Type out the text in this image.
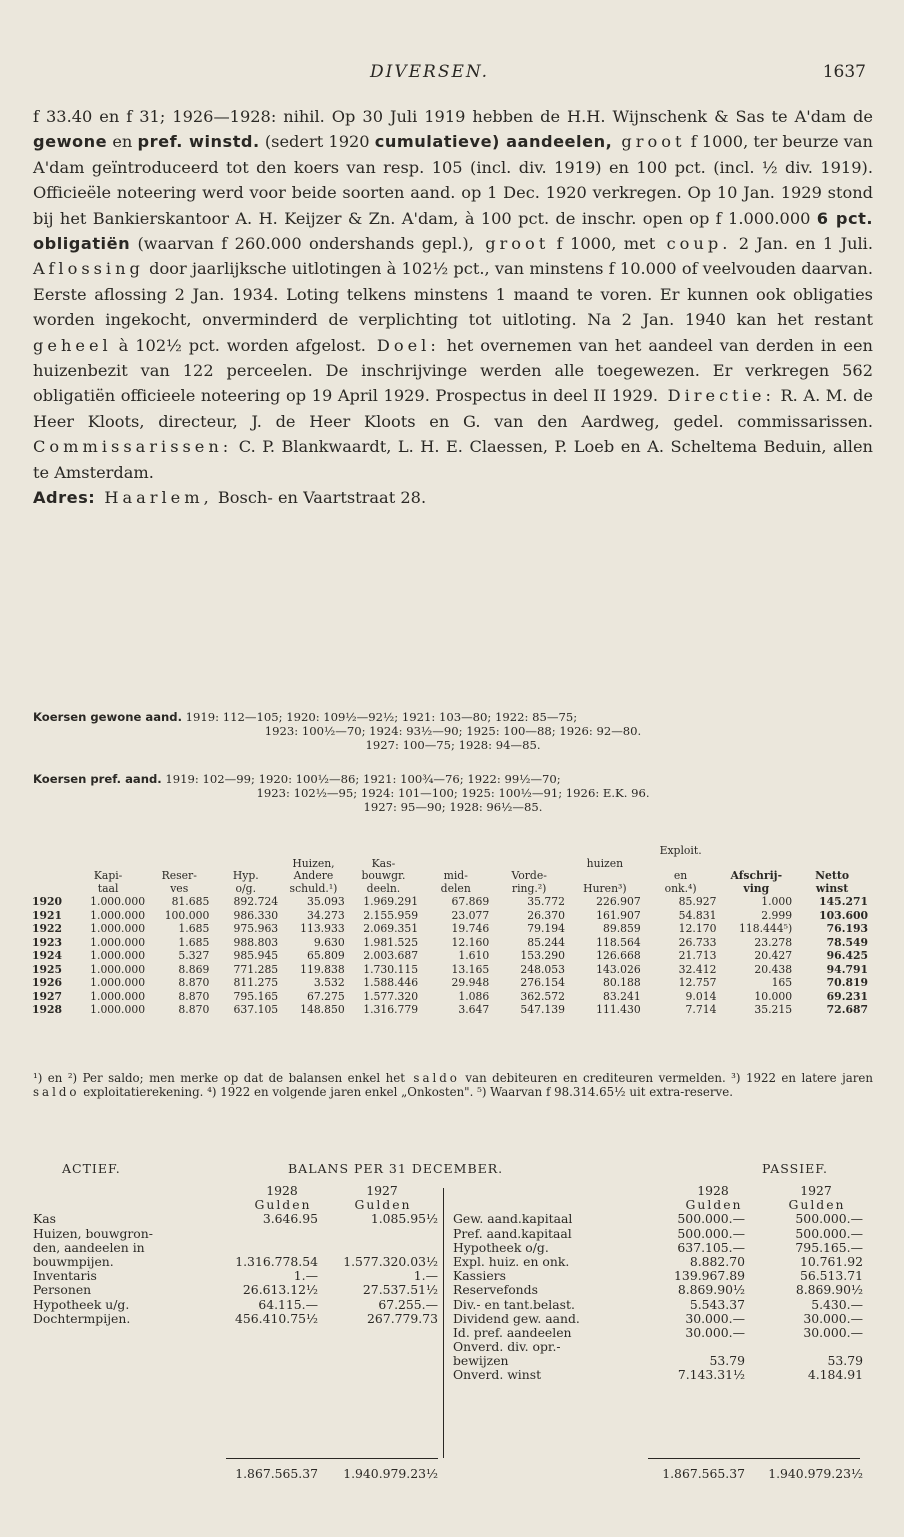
DIVERSEN.	1637
f 33.40 en f 31; 1926—1928: nihil. Op 30 Juli 1919 hebben de H.H. Wijnschenk & Sas te A'dam de gewone en pref. winstd. (sedert 1920 cumulatieve) aandeelen, groot f 1000, ter beurze van A'dam geïntroduceerd tot den koers van resp. 105 (incl. div. 1919) en 100 pct. (incl. ½ div. 1919). Officieële noteering werd voor beide soorten aand. op 1 Dec. 1920 verkregen. Op 10 Jan. 1929 stond bij het Bankierskantoor A. H. Keijzer & Zn. A'dam, à 100 pct. de inschr. open op f 1.000.000 6 pct. obligatiën (waarvan f 260.000 ondershands gepl.), groot f 1000, met coup. 2 Jan. en 1 Juli. Aflossing door jaarlijksche uitlotingen à 102½ pct., van minstens f 10.000 of veelvouden daarvan. Eerste aflossing 2 Jan. 1934. Loting telkens minstens 1 maand te voren. Er kunnen ook obligaties worden ingekocht, onverminderd de verplichting tot uitloting. Na 2 Jan. 1940 kan het restant geheel à 102½ pct. worden afgelost. Doel: het overnemen van het aandeel van derden in een huizenbezit van 122 perceelen. De inschrijvinge werden alle toegewezen. Er verkregen 562 obligatiën officieele noteering op 19 April 1929. Prospectus in deel II 1929. Directie: R. A. M. de Heer Kloots, directeur, J. de Heer Kloots en G. van den Aardweg, gedel. commissarissen. Commissarissen: C. P. Blankwaardt, L. H. E. Claessen, P. Loeb en A. Scheltema Beduin, allen te Amsterdam.
Adres: Haarlem, Bosch- en Vaartstraat 28.
Koersen gewone aand. 1919: 112—105; 1920: 109½—92½; 1921: 103—80; 1922: 85—75;
1923: 100½—70; 1924: 93½—90; 1925: 100—88; 1926: 92—80.
1927: 100—75; 1928: 94—85.
Koersen pref. aand. 1919: 102—99; 1920: 100½—86; 1921: 100¾—76; 1922: 99½—70;
1923: 102½—95; 1924: 101—100; 1925: 100½—91; 1926: E.K. 96.
1927: 95—90; 1928: 96½—85.
									Exploit.		
				Huizen,	Kas-			huizen			
	Kapi-	Reser-	Hyp.	Andere	bouwgr.	mid-	Vorde-		en	Afschrij-	Netto
	taal	ves	o/g.	schuld.¹)	deeln.	delen	ring.²)	Huren³)	onk.⁴)	ving	winst
1920	1.000.000	81.685	892.724	35.093	1.969.291	67.869	35.772	226.907	85.927	1.000	145.271
1921	1.000.000	100.000	986.330	34.273	2.155.959	23.077	26.370	161.907	54.831	2.999	103.600
1922	1.000.000	1.685	975.963	113.933	2.069.351	19.746	79.194	89.859	12.170	118.444⁵)	76.193
1923	1.000.000	1.685	988.803	9.630	1.981.525	12.160	85.244	118.564	26.733	23.278	78.549
1924	1.000.000	5.327	985.945	65.809	2.003.687	1.610	153.290	126.668	21.713	20.427	96.425
1925	1.000.000	8.869	771.285	119.838	1.730.115	13.165	248.053	143.026	32.412	20.438	94.791
1926	1.000.000	8.870	811.275	3.532	1.588.446	29.948	276.154	80.188	12.757	165	70.819
1927	1.000.000	8.870	795.165	67.275	1.577.320	1.086	362.572	83.241	9.014	10.000	69.231
1928	1.000.000	8.870	637.105	148.850	1.316.779	3.647	547.139	111.430	7.714	35.215	72.687
¹) en ²) Per saldo; men merke op dat de balansen enkel het saldo van debiteuren en crediteuren vermelden. ³) 1922 en latere jaren saldo exploitatierekening. ⁴) 1922 en volgende jaren enkel „Onkosten". ⁵) Waarvan f 98.314.65½ uit extra-reserve.
ACTIEF.	BALANS PER 31 DECEMBER.	PASSIEF.
1928	1927
Gulden	Gulden
Kas	3.646.95	1.085.95½
Huizen, bouwgron-
den, aandeelen in
bouwmpijen.	1.316.778.54	1.577.320.03½
Inventaris	1.—	1.—
Personen	26.613.12½	27.537.51½
Hypotheek u/g.	64.115.—	67.255.—
Dochtermpijen.	456.410.75½	267.779.73
1928	1927
Gulden	Gulden
Gew. aand.kapitaal	500.000.—	500.000.—
Pref. aand.kapitaal	500.000.—	500.000.—
Hypotheek o/g.	637.105.—	795.165.—
Expl. huiz. en onk.	8.882.70	10.761.92
Kassiers	139.967.89	56.513.71
Reservefonds	8.869.90½	8.869.90½
Div.- en tant.belast.	5.543.37	5.430.—
Dividend gew. aand.	30.000.—	30.000.—
Id. pref. aandeelen	30.000.—	30.000.—
Onverd. div. opr.-
bewijzen	53.79	53.79
Onverd. winst	7.143.31½	4.184.91
1.867.565.37	1.940.979.23½	1.867.565.37	1.940.979.23½
